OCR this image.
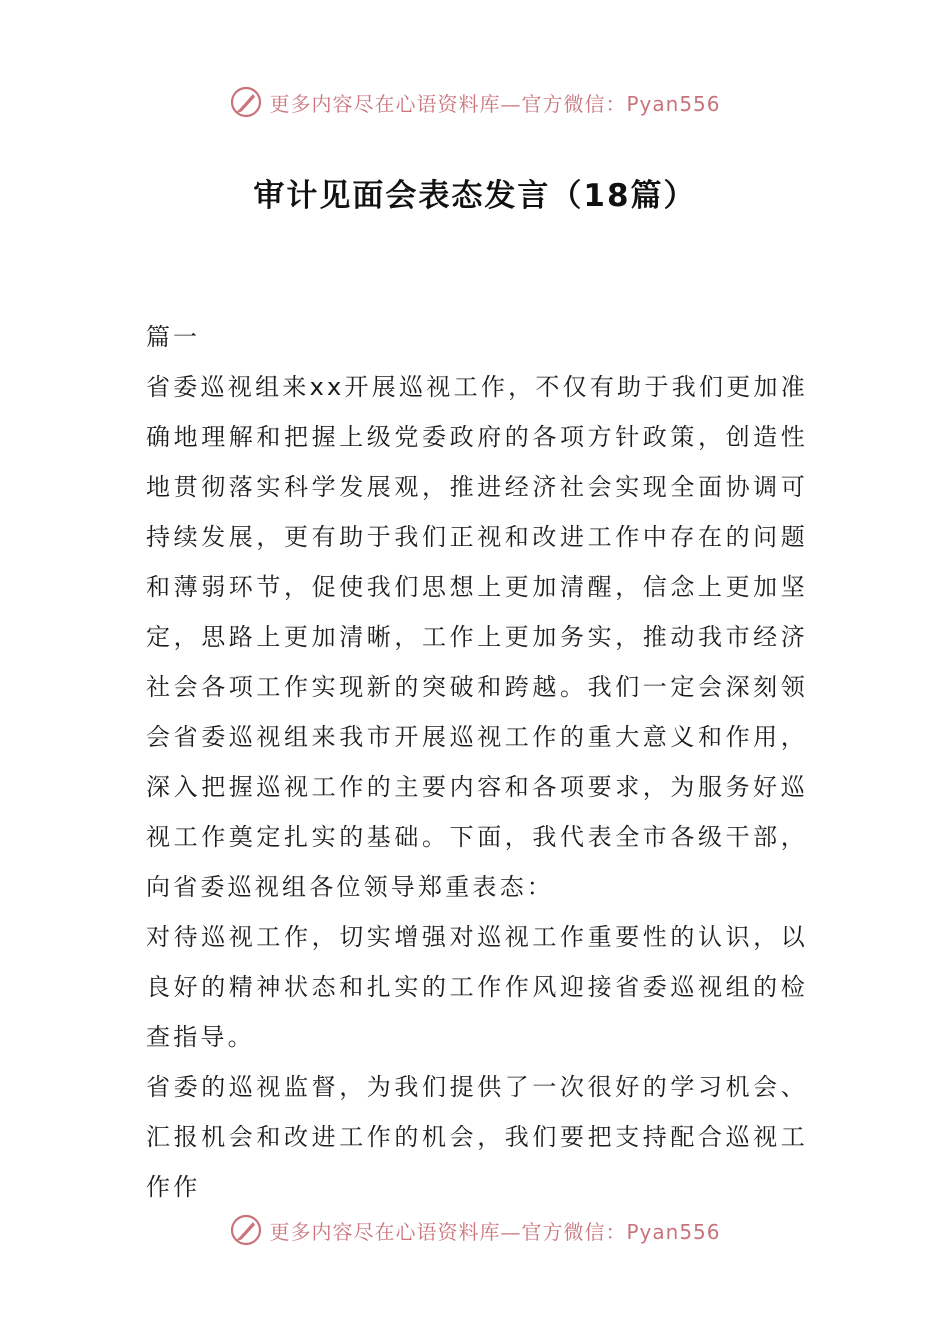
更多内容尽在心语资料库—官方微信：Pyan556
审计见面会表态发言（18篇）

篇一

省委巡视组来xx开展巡视工作，不仅有助于我们更加准确地理解和把握上级党委政府的各项方针政策，创造性地贯彻落实科学发展观，推进经济社会实现全面协调可持续发展，更有助于我们正视和改进工作中存在的问题和薄弱环节，促使我们思想上更加清醒，信念上更加坚定，思路上更加清晰，工作上更加务实，推动我市经济社会各项工作实现新的突破和跨越。我们一定会深刻领会省委巡视组来我市开展巡视工作的重大意义和作用，深入把握巡视工作的主要内容和各项要求，为服务好巡视工作奠定扎实的基础。下面，我代表全市各级干部，向省委巡视组各位领导郑重表态：

对待巡视工作，切实增强对巡视工作重要性的认识，以良好的精神状态和扎实的工作作风迎接省委巡视组的检查指导。

省委的巡视监督，为我们提供了一次很好的学习机会、汇报机会和改进工作的机会，我们要把支持配合巡视工作作

更多内容尽在心语资料库—官方微信：Pyan556
